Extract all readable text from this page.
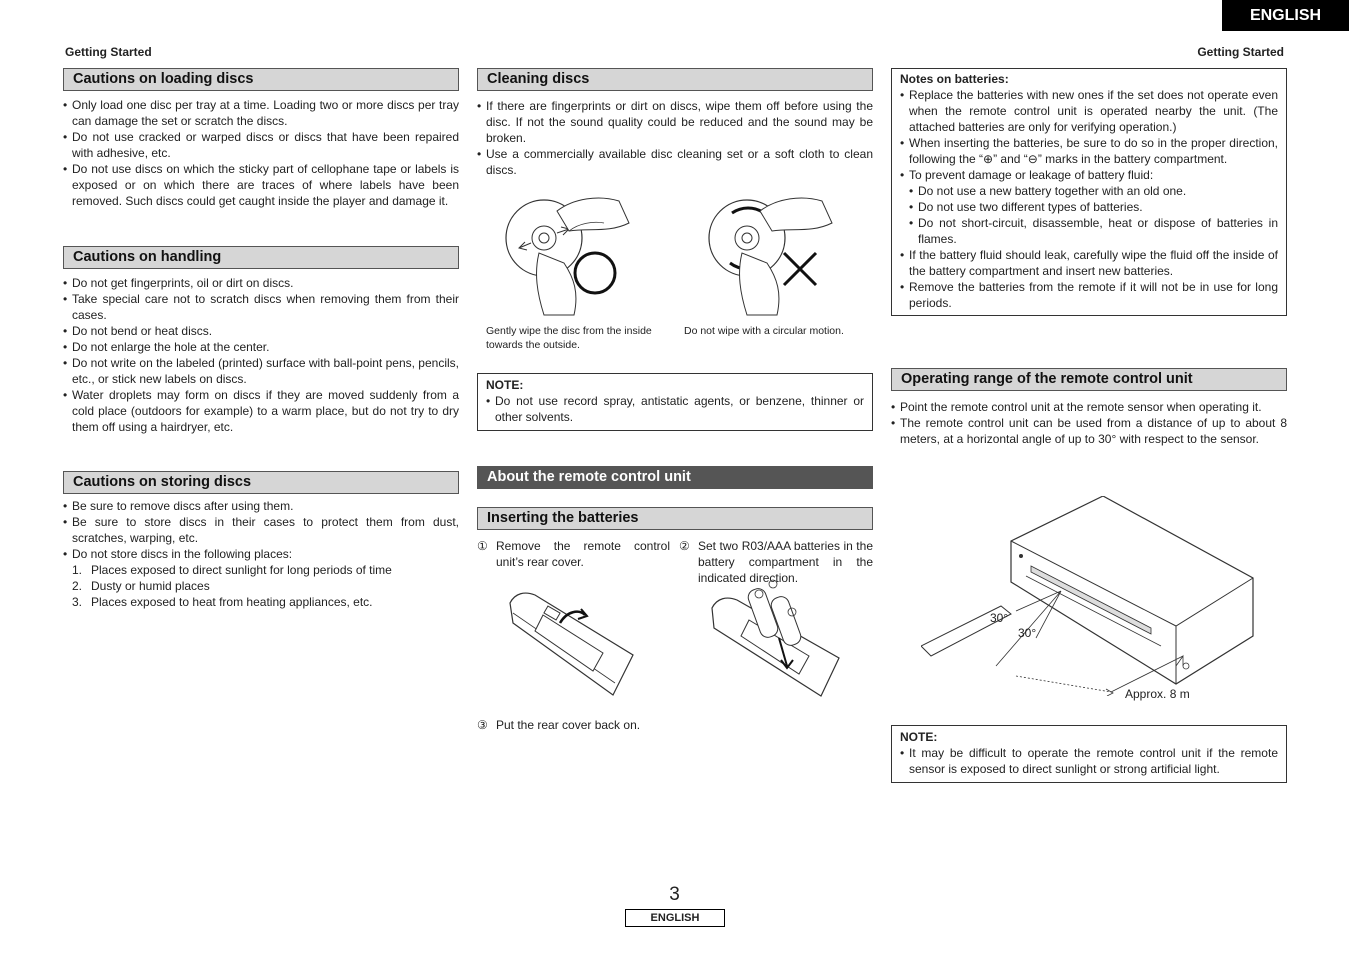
ENGLISH
Getting Started	Getting Started
Cautions on loading discs
• Only load one disc per tray at a time. Loading two or more discs per tray can damage the set or scratch the discs.
• Do not use cracked or warped discs or discs that have been repaired with adhesive, etc.
• Do not use discs on which the sticky part of cellophane tape or labels is exposed or on which there are traces of where labels have been removed. Such discs could get caught inside the player and damage it.
Cautions on handling
• Do not get fingerprints, oil or dirt on discs.
• Take special care not to scratch discs when removing them from their cases.
• Do not bend or heat discs.
• Do not enlarge the hole at the center.
• Do not write on the labeled (printed) surface with ball-point pens, pencils, etc., or stick new labels on discs.
• Water droplets may form on discs if they are moved suddenly from a cold place (outdoors for example) to a warm place, but do not try to dry them off using a hairdryer, etc.
Cautions on storing discs
• Be sure to remove discs after using them.
• Be sure to store discs in their cases to protect them from dust, scratches, warping, etc.
• Do not store discs in the following places:
1. Places exposed to direct sunlight for long periods of time
2. Dusty or humid places
3. Places exposed to heat from heating appliances, etc.
Cleaning discs
• If there are fingerprints or dirt on discs, wipe them off before using the disc. If not the sound quality could be reduced and the sound may be broken.
• Use a commercially available disc cleaning set or a soft cloth to clean discs.
Gently wipe the disc from the inside towards the outside.
Do not wipe with a circular motion.
NOTE:
• Do not use record spray, antistatic agents, or benzene, thinner or other solvents.
About the remote control unit
Inserting the batteries
① Remove the remote control unit’s rear cover.
② Set two R03/AAA batteries in the battery compartment in the indicated direction.
③ Put the rear cover back on.
Notes on batteries:
• Replace the batteries with new ones if the set does not operate even when the remote control unit is operated nearby the unit. (The attached batteries are only for verifying operation.)
• When inserting the batteries, be sure to do so in the proper direction, following the “⊕” and “⊖” marks in the battery compartment.
• To prevent damage or leakage of battery fluid:
• Do not use a new battery together with an old one.
• Do not use two different types of batteries.
• Do not short-circuit, disassemble, heat or dispose of batteries in flames.
• If the battery fluid should leak, carefully wipe the fluid off the inside of the battery compartment and insert new batteries.
• Remove the batteries from the remote if it will not be in use for long periods.
Operating range of the remote control unit
• Point the remote control unit at the remote sensor when operating it.
• The remote control unit can be used from a distance of up to about 8 meters, at a horizontal angle of up to 30° with respect to the sensor.
30°
30°
Approx. 8 m
NOTE:
• It may be difficult to operate the remote control unit if the remote sensor is exposed to direct sunlight or strong artificial light.
3
ENGLISH
